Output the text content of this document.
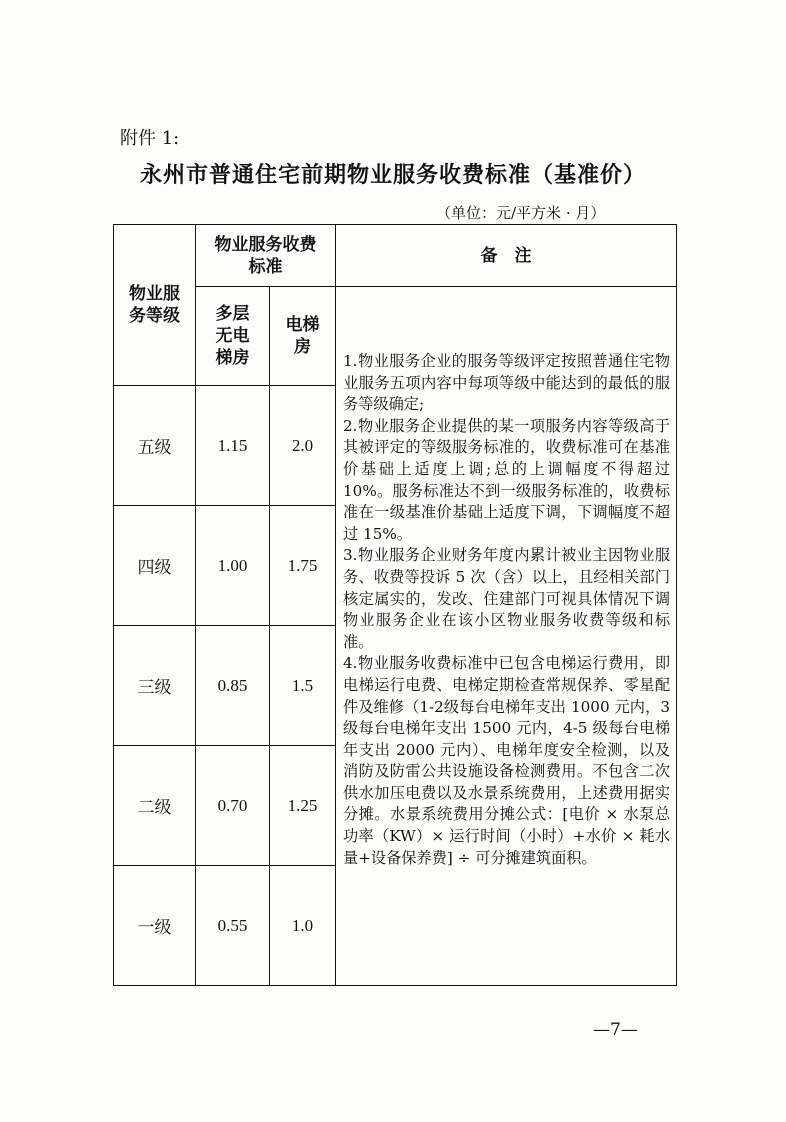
附件 1:
永州市普通住宅前期物业服务收费标准（基准价）
（单位：元/平方米 · 月）
物业服务等级	物业服务收费标准		备　注

	多层无电梯房	电梯房	1.物业服务企业的服务等级评定按照普通住宅物业服务五项内容中每项等级中能达到的最低的服务等级确定;

2.物业服务企业提供的某一项服务内容等级高于其被评定的等级服务标准的，收费标准可在基准价基础上适度上调;总的上调幅度不得超过10%。服务标准达不到一级服务标准的，收费标准在一级基准价基础上适度下调，下调幅度不超过 15%。

3.物业服务企业财务年度内累计被业主因物业服务、收费等投诉 5 次（含）以上，且经相关部门核定属实的，发改、住建部门可视具体情况下调物业服务企业在该小区物业服务收费等级和标准。

4.物业服务收费标准中已包含电梯运行费用，即电梯运行电费、电梯定期检查常规保养、零星配件及维修（1-2级每台电梯年支出 1000 元内，3 级每台电梯年支出 1500 元内，4-5 级每台电梯年支出 2000 元内）、电梯年度安全检测，以及消防及防雷公共设施设备检测费用。不包含二次供水加压电费以及水景系统费用，上述费用据实分摊。水景系统费用分摊公式：[电价 × 水泵总功率（KW）× 运行时间（小时）+水价 × 耗水量+设备保养费] ÷ 可分摊建筑面积。

五级	1.15	2.0	
四级	1.00	1.75	
三级	0.85	1.5	
二级	0.70	1.25	
一级	0.55	1.0	
—7—
